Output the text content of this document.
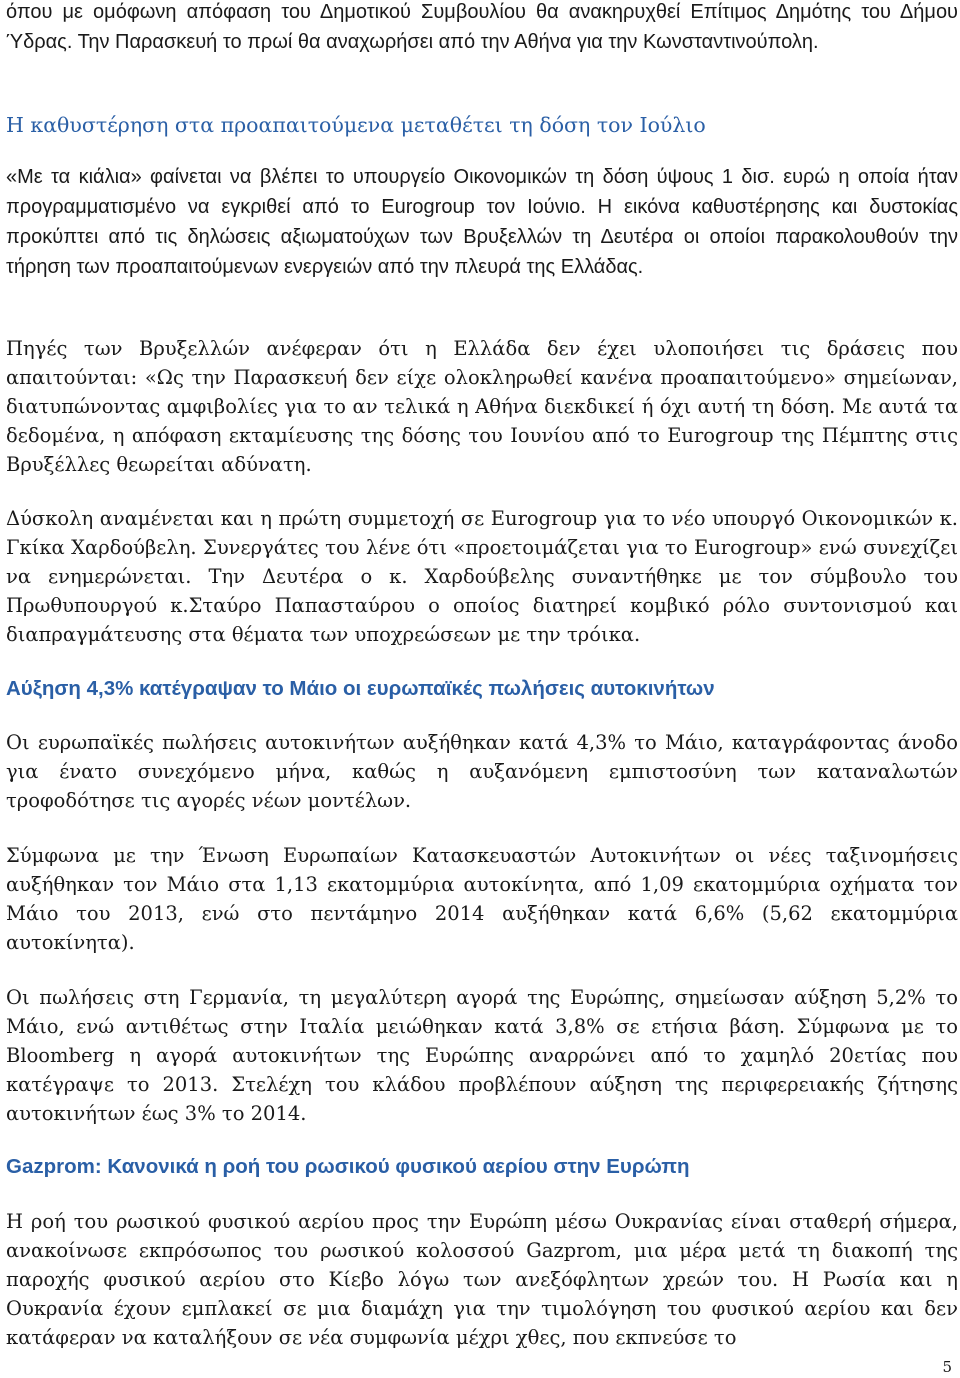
όπου με ομόφωνη απόφαση του Δημοτικού Συμβουλίου θα ανακηρυχθεί Επίτιμος Δημότης του Δήμου Ύδρας. Την Παρασκευή το πρωί θα αναχωρήσει από την Αθήνα για την Κωνσταντινούπολη.

Η καθυστέρηση στα προαπαιτούμενα μεταθέτει τη δόση τον Ιούλιο

«Με τα κιάλια» φαίνεται να βλέπει το υπουργείο Οικονομικών τη δόση ύψους 1 δισ. ευρώ η οποία ήταν προγραμματισμένο να εγκριθεί από το Eurogroup τον Ιούνιο. Η εικόνα καθυστέρησης και δυστοκίας προκύπτει από τις δηλώσεις αξιωματούχων των Βρυξελλών τη Δευτέρα οι οποίοι παρακολουθούν την τήρηση των προαπαιτούμενων ενεργειών από την πλευρά της Ελλάδας.

Πηγές των Βρυξελλών ανέφεραν ότι η Ελλάδα δεν έχει υλοποιήσει τις δράσεις που απαιτούνται: «Ως την Παρασκευή δεν είχε ολοκληρωθεί κανένα προαπαιτούμενο» σημείωναν, διατυπώνοντας αμφιβολίες για το αν τελικά η Αθήνα διεκδικεί ή όχι αυτή τη δόση. Με αυτά τα δεδομένα, η απόφαση εκταμίευσης της δόσης του Ιουνίου από το Eurogroup της Πέμπτης στις Βρυξέλλες θεωρείται αδύνατη.

Δύσκολη αναμένεται και η πρώτη συμμετοχή σε Eurogroup για το νέο υπουργό Οικονομικών κ. Γκίκα Χαρδούβελη. Συνεργάτες του λένε ότι «προετοιμάζεται για το Eurogroup» ενώ συνεχίζει να ενημερώνεται. Την Δευτέρα ο κ. Χαρδούβελης συναντήθηκε με τον σύμβουλο του Πρωθυπουργού κ.Σταύρο Παπασταύρου ο οποίος διατηρεί κομβικό ρόλο συντονισμού και διαπραγμάτευσης στα θέματα των υποχρεώσεων με την τρόικα.

Αύξηση 4,3% κατέγραψαν το Μάιο οι ευρωπαϊκές πωλήσεις αυτοκινήτων

Οι ευρωπαϊκές πωλήσεις αυτοκινήτων αυξήθηκαν κατά 4,3% το Μάιο, καταγράφοντας άνοδο για ένατο συνεχόμενο μήνα, καθώς η αυξανόμενη εμπιστοσύνη των καταναλωτών τροφοδότησε τις αγορές νέων μοντέλων.

Σύμφωνα με την Ένωση Ευρωπαίων Κατασκευαστών Αυτοκινήτων οι νέες ταξινομήσεις αυξήθηκαν τον Μάιο στα 1,13 εκατομμύρια αυτοκίνητα, από 1,09 εκατομμύρια οχήματα τον Μάιο του 2013, ενώ στο πεντάμηνο 2014 αυξήθηκαν κατά 6,6% (5,62 εκατομμύρια αυτοκίνητα).

Οι πωλήσεις στη Γερμανία, τη μεγαλύτερη αγορά της Ευρώπης, σημείωσαν αύξηση 5,2% το Μάιο, ενώ αντιθέτως στην Ιταλία μειώθηκαν κατά 3,8% σε ετήσια βάση. Σύμφωνα με το Bloomberg η αγορά αυτοκινήτων της Ευρώπης αναρρώνει από το χαμηλό 20ετίας που κατέγραψε το 2013. Στελέχη του κλάδου προβλέπουν αύξηση της περιφερειακής ζήτησης αυτοκινήτων έως 3% το 2014.

Gazprom: Κανονικά η ροή του ρωσικού φυσικού αερίου στην Ευρώπη

Η ροή του ρωσικού φυσικού αερίου προς την Ευρώπη μέσω Ουκρανίας είναι σταθερή σήμερα, ανακοίνωσε εκπρόσωπος του ρωσικού κολοσσού Gazprom, μια μέρα μετά τη διακοπή της παροχής φυσικού αερίου στο Κίεβο λόγω των ανεξόφλητων χρεών του. Η Ρωσία και η Ουκρανία έχουν εμπλακεί σε μια διαμάχη για την τιμολόγηση του φυσικού αερίου και δεν κατάφεραν να καταλήξουν σε νέα συμφωνία μέχρι χθες, που εκπνεύσε το

5
